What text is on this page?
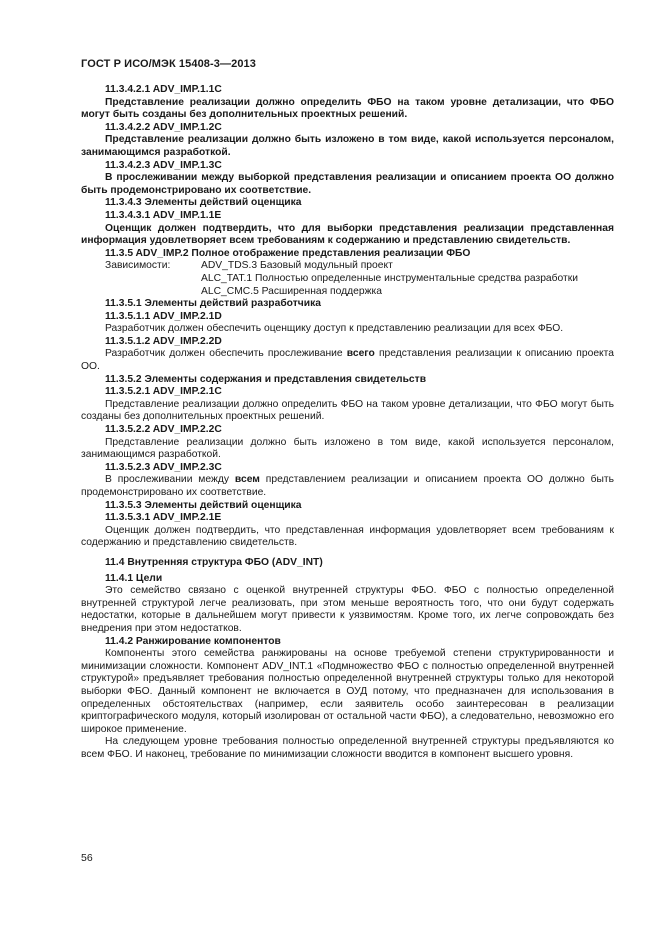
ГОСТ Р ИСО/МЭК 15408-3—2013
11.3.4.2.1 ADV_IMP.1.1C
Представление реализации должно определить ФБО на таком уровне детализации, что ФБО могут быть созданы без дополнительных проектных решений.
11.3.4.2.2 ADV_IMP.1.2C
Представление реализации должно быть изложено в том виде, какой используется персоналом, занимающимся разработкой.
11.3.4.2.3 ADV_IMP.1.3C
В прослеживании между выборкой представления реализации и описанием проекта ОО должно быть продемонстрировано их соответствие.
11.3.4.3 Элементы действий оценщика
11.3.4.3.1 ADV_IMP.1.1E
Оценщик должен подтвердить, что для выборки представления реализации представленная информация удовлетворяет всем требованиям к содержанию и представлению свидетельств.
11.3.5 ADV_IMP.2 Полное отображение представления реализации ФБО
Зависимости:	ADV_TDS.3 Базовый модульный проект
ALC_TAT.1 Полностью определенные инструментальные средства разработки
ALC_CMC.5 Расширенная поддержка
11.3.5.1 Элементы действий разработчика
11.3.5.1.1 ADV_IMP.2.1D
Разработчик должен обеспечить оценщику доступ к представлению реализации для всех ФБО.
11.3.5.1.2 ADV_IMP.2.2D
Разработчик должен обеспечить прослеживание всего представления реализации к описанию проекта ОО.
11.3.5.2 Элементы содержания и представления свидетельств
11.3.5.2.1 ADV_IMP.2.1C
Представление реализации должно определить ФБО на таком уровне детализации, что ФБО могут быть созданы без дополнительных проектных решений.
11.3.5.2.2 ADV_IMP.2.2C
Представление реализации должно быть изложено в том виде, какой используется персоналом, занимающимся разработкой.
11.3.5.2.3 ADV_IMP.2.3C
В прослеживании между всем представлением реализации и описанием проекта ОО должно быть продемонстрировано их соответствие.
11.3.5.3 Элементы действий оценщика
11.3.5.3.1 ADV_IMP.2.1E
Оценщик должен подтвердить, что представленная информация удовлетворяет всем требованиям к содержанию и представлению свидетельств.
11.4 Внутренняя структура ФБО (ADV_INT)
11.4.1 Цели
Это семейство связано с оценкой внутренней структуры ФБО. ФБО с полностью определенной внутренней структурой легче реализовать, при этом меньше вероятность того, что они будут содержать недостатки, которые в дальнейшем могут привести к уязвимостям. Кроме того, их легче сопровождать без внедрения при этом недостатков.
11.4.2 Ранжирование компонентов
Компоненты этого семейства ранжированы на основе требуемой степени структурированности и минимизации сложности. Компонент ADV_INT.1 «Подмножество ФБО с полностью определенной внутренней структурой» предъявляет требования полностью определенной внутренней структуры только для некоторой выборки ФБО. Данный компонент не включается в ОУД потому, что предназначен для использования в определенных обстоятельствах (например, если заявитель особо заинтересован в реализации криптографического модуля, который изолирован от остальной части ФБО), а следовательно, невозможно его широкое применение.
На следующем уровне требования полностью определенной внутренней структуры предъявляются ко всем ФБО. И наконец, требование по минимизации сложности вводится в компонент высшего уровня.
56
